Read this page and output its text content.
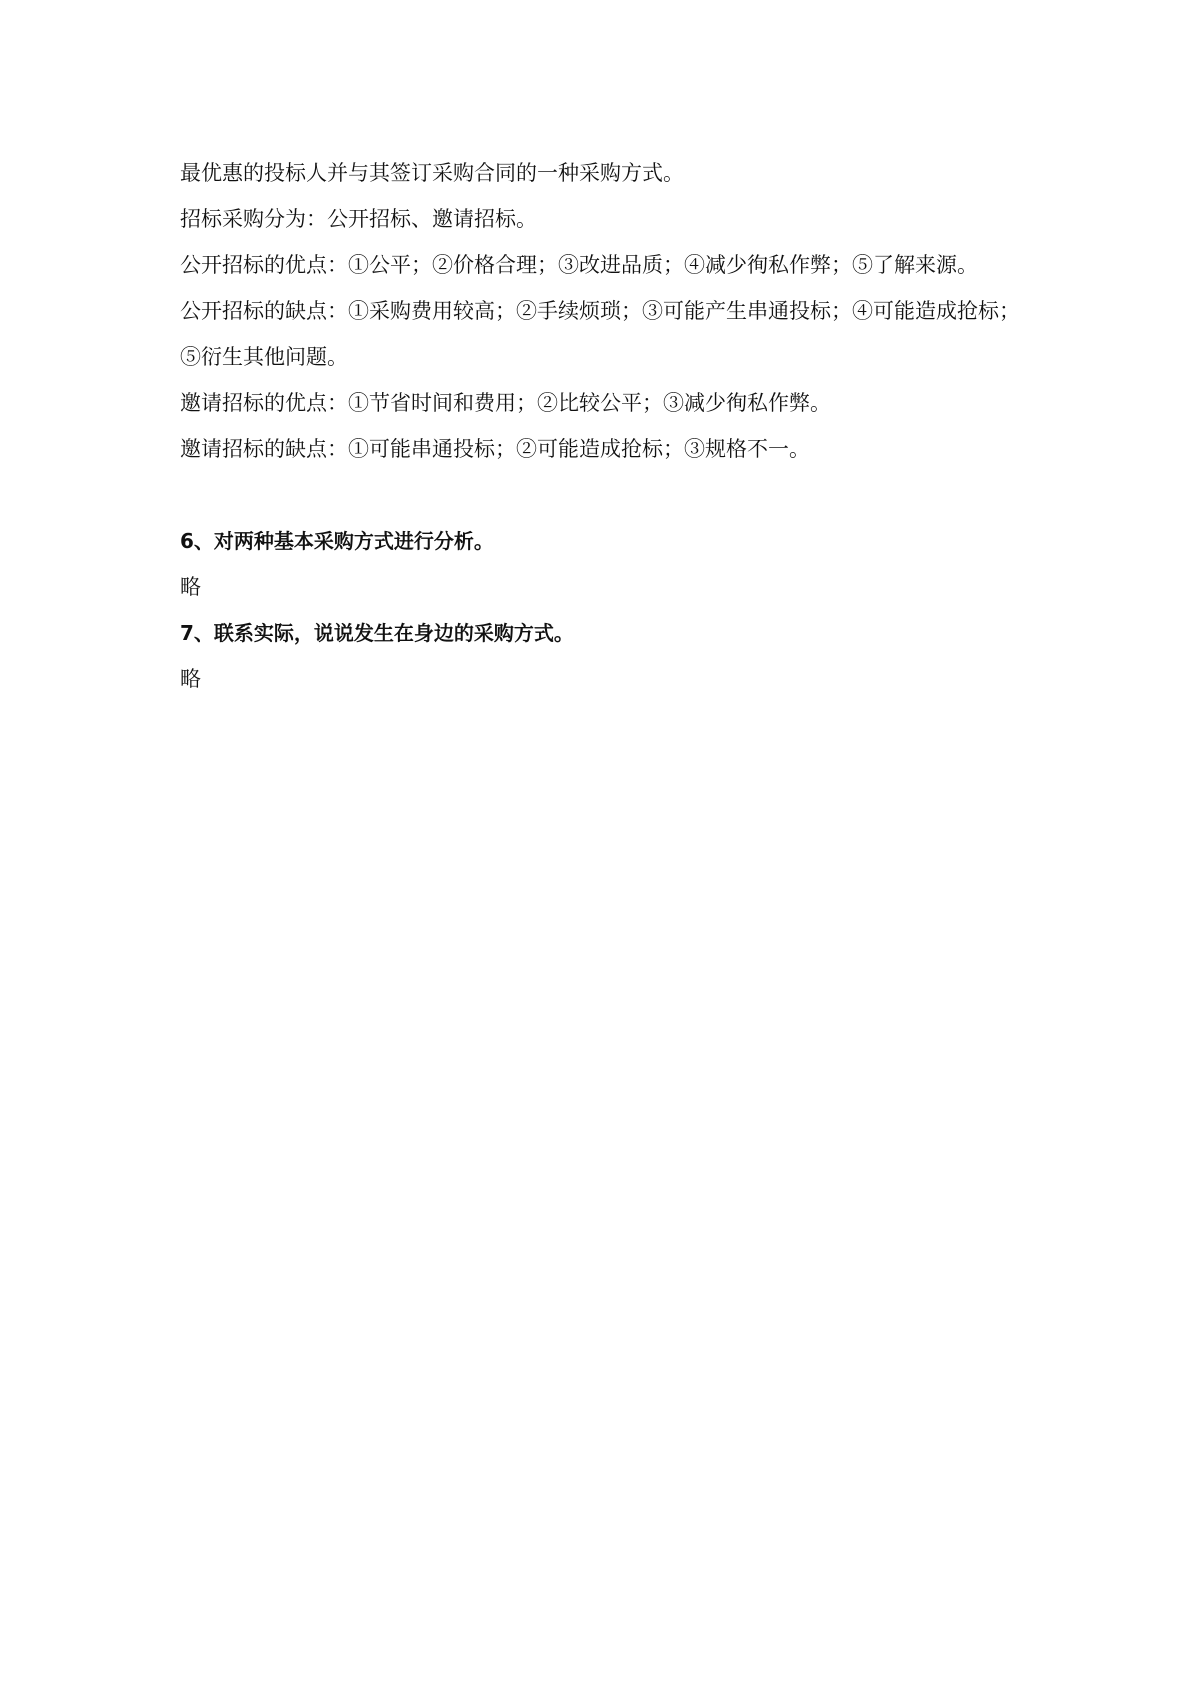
最优惠的投标人并与其签订采购合同的一种采购方式。
招标采购分为：公开招标、邀请招标。
公开招标的优点：①公平；②价格合理；③改进品质；④减少徇私作弊；⑤了解来源。
公开招标的缺点：①采购费用较高；②手续烦琐；③可能产生串通投标；④可能造成抢标；
⑤衍生其他问题。
邀请招标的优点：①节省时间和费用；②比较公平；③减少徇私作弊。
邀请招标的缺点：①可能串通投标；②可能造成抢标；③规格不一。
6、对两种基本采购方式进行分析。
略
7、联系实际，说说发生在身边的采购方式。
略
